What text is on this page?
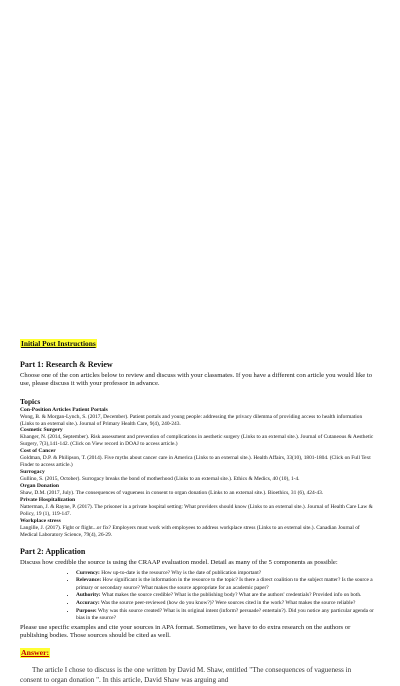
Initial Post Instructions
Part 1: Research & Review

Choose one of the con articles below to review and discuss with your classmates. If you have a different con article you would like to use, please discuss it with your professor in advance.

Topics
Con-Position Articles Patient Portals
Wong, B. & Morgan-Lynch, S. (2017, December). Patient portals and young people: addressing the privacy dilemma of providing access to health information (Links to an external site.). Journal of Primary Health Care, 9(4), 240-243.
Cosmetic Surgery
Khanger, N. (2014, September). Risk assessment and prevention of complications in aesthetic surgery (Links to an external site.). Journal of Cutaneous & Aesthetic Surgery, 7(3),141-142. (Click on View record in DOAJ to access article.)
Cost of Cancer
Goldman, D.P. & Philipson, T. (2014). Five myths about cancer care in America (Links to an external site.). Health Affairs, 33(10), 1801-1804. (Click on Full Text Finder to access article.)
Surrogacy
Gullino, S. (2015, October). Surrogacy breaks the bond of motherhood (Links to an external site.). Ethics & Medics, 40 (10), 1-4.
Organ Donation
Shaw, D.M. (2017, July). The consequences of vagueness in consent to organ donation (Links to an external site.). Bioethics, 31 (6), 424-43.
Private Hospitalization
Natterman, J. & Rayne, P. (2017). The prisoner in a private hospital setting: What providers should know (Links to an external site.). Journal of Health Care Law & Policy, 19 (1), 119-147.
Workplace stress
Langille, J. (2017). Fight or flight...or fix? Employers must work with employees to address workplace stress (Links to an external site.). Canadian Journal of Medical Laboratory Science, 79(4), 26-29.
Part 2: Application

Discuss how credible the source is using the CRAAP evaluation model. Detail as many of the 5 components as possible:

• Currency: How up-to-date is the resource? Why is the date of publication important?
• Relevance: How significant is the information in the resource to the topic? Is there a direct coalition to the subject matter? Is the source a primary or secondary source? What makes the source appropriate for an academic paper?
• Authority: What makes the source credible? What is the publishing body? What are the authors' credentials? Provided info on both.
• Accuracy: Was the source peer-reviewed (how do you know?)? Were sources cited in the work? What makes the source reliable?
• Purpose: Why was this source created? What is its original intent (inform? persuade? entertain?). Did you notice any particular agenda or bias in the source?

Please use specific examples and cite your sources in APA format. Sometimes, we have to do extra research on the authors or publishing bodies. Those sources should be cited as well.

Answer:

The article I chose to discuss is the one written by David M. Shaw, entitled "The consequences of vagueness in consent to organ donation ". In this article, David Shaw was arguing and
